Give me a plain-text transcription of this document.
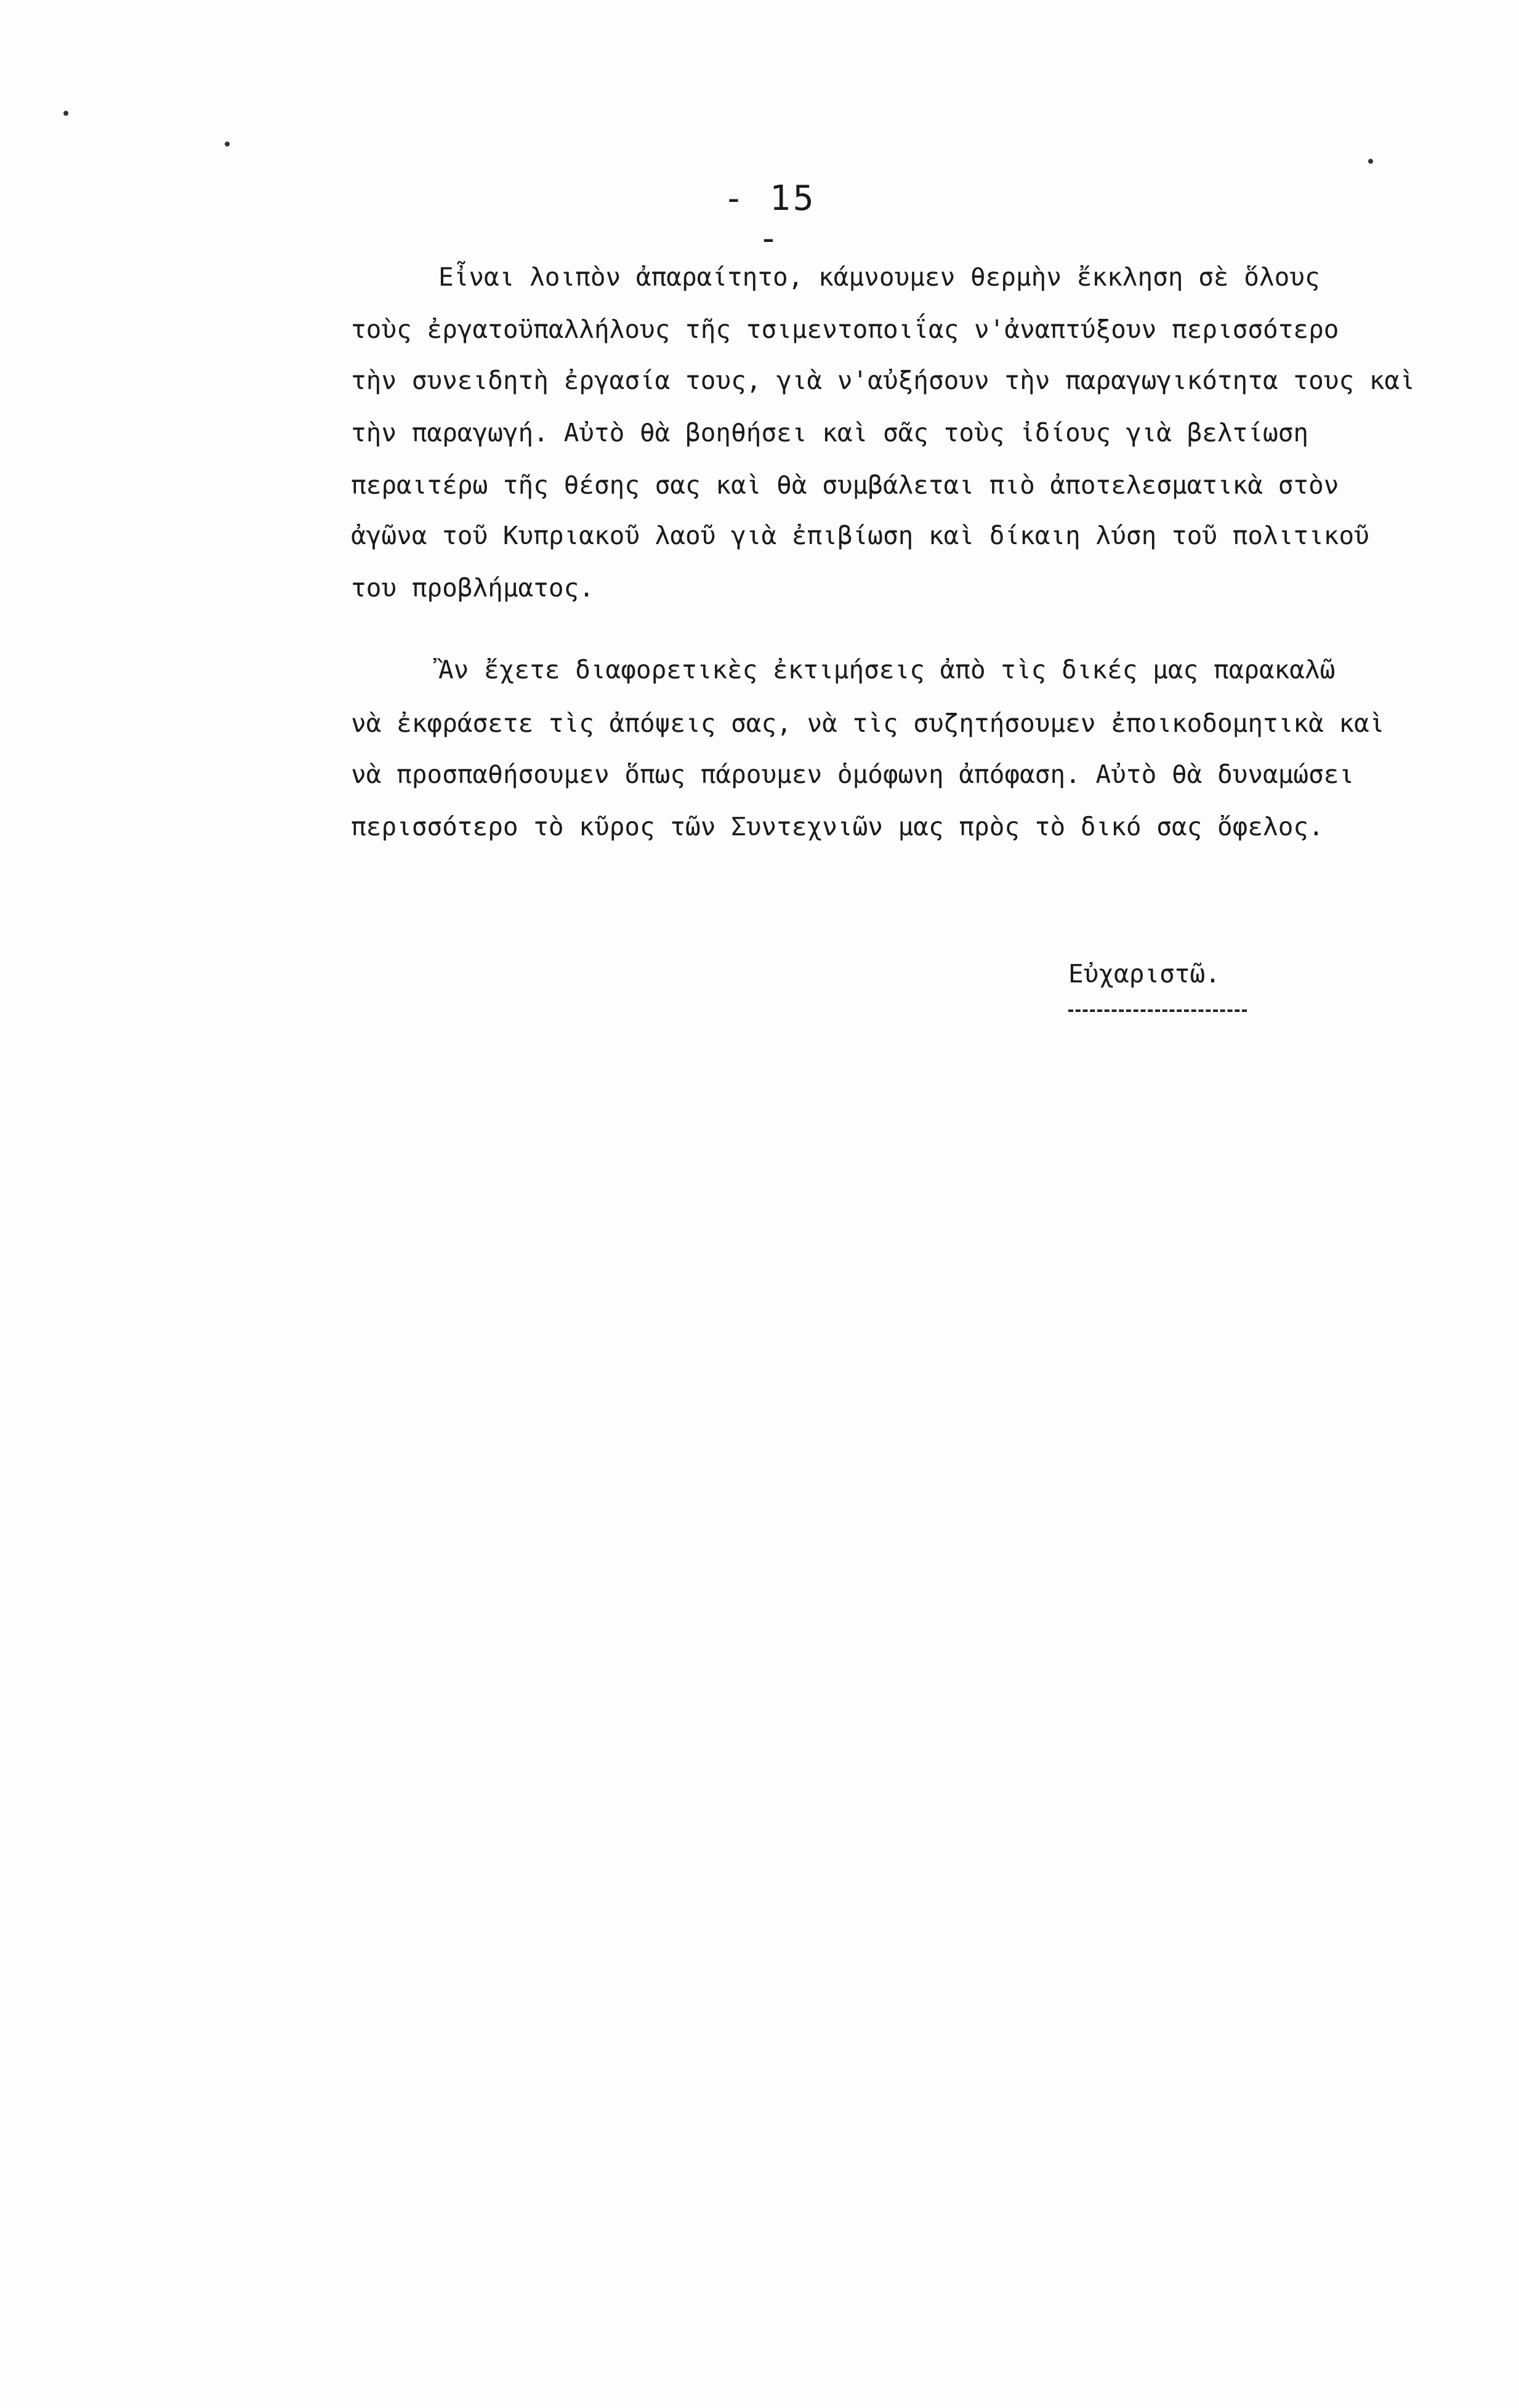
- 15 -
Εἶναι λοιπὸν ἀπαραίτητο, κάμνουμεν θερμὴν ἔκκληση σὲ ὅλους
τοὺς ἐργατοϋπαλλήλους τῆς τσιμεντοποιΐας ν'ἀναπτύξουν περισσότερο
τὴν συνειδητὴ ἐργασία τους, γιὰ ν'αὐξήσουν τὴν παραγωγικότητα τους καὶ
τὴν παραγωγή. Αὐτὸ θὰ βοηθήσει καὶ σᾶς τοὺς ἰδίους γιὰ βελτίωση
περαιτέρω τῆς θέσης σας καὶ θὰ συμβάλεται πιὸ ἀποτελεσματικὰ στὸν
ἀγῶνα τοῦ Κυπριακοῦ λαοῦ γιὰ ἐπιβίωση καὶ δίκαιη λύση τοῦ πολιτικοῦ
του προβλήματος.
Ἂν ἔχετε διαφορετικὲς ἐκτιμήσεις ἀπὸ τὶς δικές μας παρακαλῶ
νὰ ἐκφράσετε τὶς ἀπόψεις σας, νὰ τὶς συζητήσουμεν ἐποικοδομητικὰ καὶ
νὰ προσπαθήσουμεν ὅπως πάρουμεν ὁμόφωνη ἀπόφαση. Αὐτὸ θὰ δυναμώσει
περισσότερο τὸ κῦρος τῶν Συντεχνιῶν μας πρὸς τὸ δικό σας ὄφελος.
Εὐχαριστῶ.
